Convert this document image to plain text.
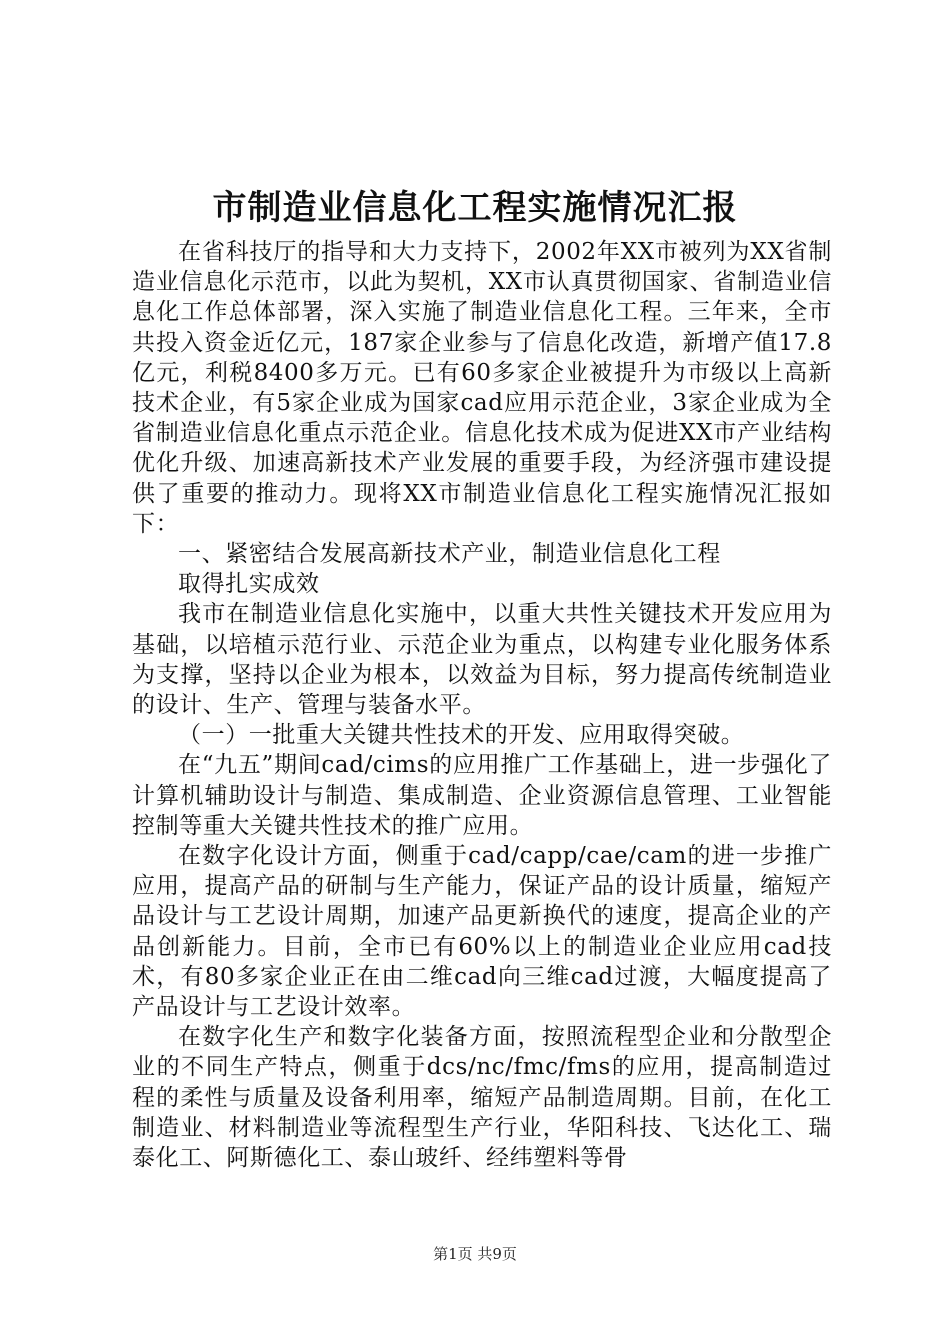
市制造业信息化工程实施情况汇报

在省科技厅的指导和大力支持下，2002年XX市被列为XX省制造业信息化示范市，以此为契机，XX市认真贯彻国家、省制造业信息化工作总体部署，深入实施了制造业信息化工程。三年来，全市共投入资金近亿元，187家企业参与了信息化改造，新增产值17.8亿元，利税8400多万元。已有60多家企业被提升为市级以上高新技术企业，有5家企业成为国家cad应用示范企业，3家企业成为全省制造业信息化重点示范企业。信息化技术成为促进XX市产业结构优化升级、加速高新技术产业发展的重要手段，为经济强市建设提供了重要的推动力。现将XX市制造业信息化工程实施情况汇报如下：

一、紧密结合发展高新技术产业，制造业信息化工程

取得扎实成效

我市在制造业信息化实施中，以重大共性关键技术开发应用为基础，以培植示范行业、示范企业为重点，以构建专业化服务体系为支撑，坚持以企业为根本，以效益为目标，努力提高传统制造业的设计、生产、管理与装备水平。

（一）一批重大关键共性技术的开发、应用取得突破。

在“九五”期间cad/cims的应用推广工作基础上，进一步强化了计算机辅助设计与制造、集成制造、企业资源信息管理、工业智能控制等重大关键共性技术的推广应用。

在数字化设计方面，侧重于cad/capp/cae/cam的进一步推广应用，提高产品的研制与生产能力，保证产品的设计质量，缩短产品设计与工艺设计周期，加速产品更新换代的速度，提高企业的产品创新能力。目前，全市已有60%以上的制造业企业应用cad技术，有80多家企业正在由二维cad向三维cad过渡，大幅度提高了产品设计与工艺设计效率。

在数字化生产和数字化装备方面，按照流程型企业和分散型企业的不同生产特点，侧重于dcs/nc/fmc/fms的应用，提高制造过程的柔性与质量及设备利用率，缩短产品制造周期。目前，在化工制造业、材料制造业等流程型生产行业，华阳科技、飞达化工、瑞泰化工、阿斯德化工、泰山玻纤、经纬塑料等骨

第1页 共9页
